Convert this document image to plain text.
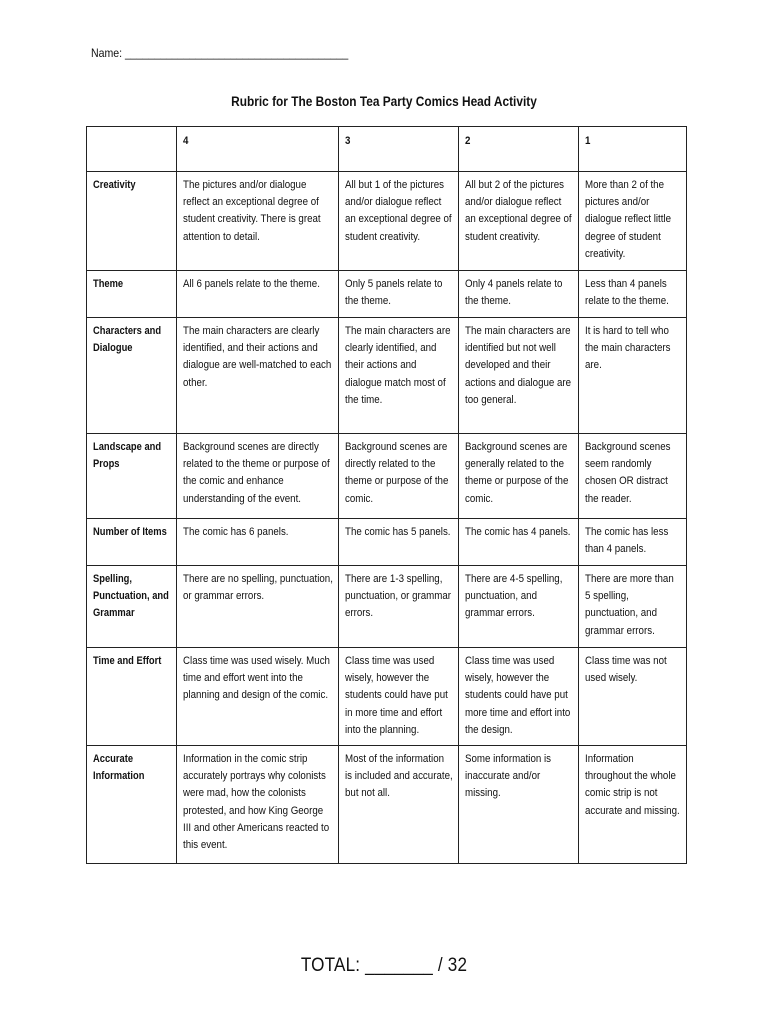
Name: ______________________________________
Rubric for The Boston Tea Party Comics Head Activity

	4	3	2	1

Creativity	The pictures and/or dialogue reflect an exceptional degree of student creativity. There is great attention to detail.	All but 1 of the pictures and/or dialogue reflect an exceptional degree of student creativity.	All but 2 of the pictures and/or dialogue reflect an exceptional degree of student creativity.	More than 2 of the pictures and/or dialogue reflect little degree of student creativity.

Theme	All 6 panels relate to the theme.	Only 5 panels relate to the theme.	Only 4 panels relate to the theme.	Less than 4 panels relate to the theme.

Characters and Dialogue	The main characters are clearly identified, and their actions and dialogue are well-matched to each other.	The main characters are clearly identified, and their actions and dialogue match most of the time.	The main characters are identified but not well developed and their actions and dialogue are too general.	It is hard to tell who the main characters are.

Landscape and Props	Background scenes are directly related to the theme or purpose of the comic and enhance understanding of the event.	Background scenes are directly related to the theme or purpose of the comic.	Background scenes are generally related to the theme or purpose of the comic.	Background scenes seem randomly chosen OR distract the reader.

Number of Items	The comic has 6 panels.	The comic has 5 panels.	The comic has 4 panels.	The comic has less than 4 panels.

Spelling, Punctuation, and Grammar	There are no spelling, punctuation, or grammar errors.	There are 1-3 spelling, punctuation, or grammar errors.	There are 4-5 spelling, punctuation, and grammar errors.	There are more than 5 spelling, punctuation, and grammar errors.

Time and Effort	Class time was used wisely. Much time and effort went into the planning and design of the comic.	Class time was used wisely, however the students could have put in more time and effort into the planning.	Class time was used wisely, however the students could have put more time and effort into the design.	Class time was not used wisely.

Accurate Information	Information in the comic strip accurately portrays why colonists were mad, how the colonists protested, and how King George III and other Americans reacted to this event.	Most of the information is included and accurate, but not all.	Some information is inaccurate and/or missing.	Information throughout the whole comic strip is not accurate and missing.
TOTAL: _______ / 32
